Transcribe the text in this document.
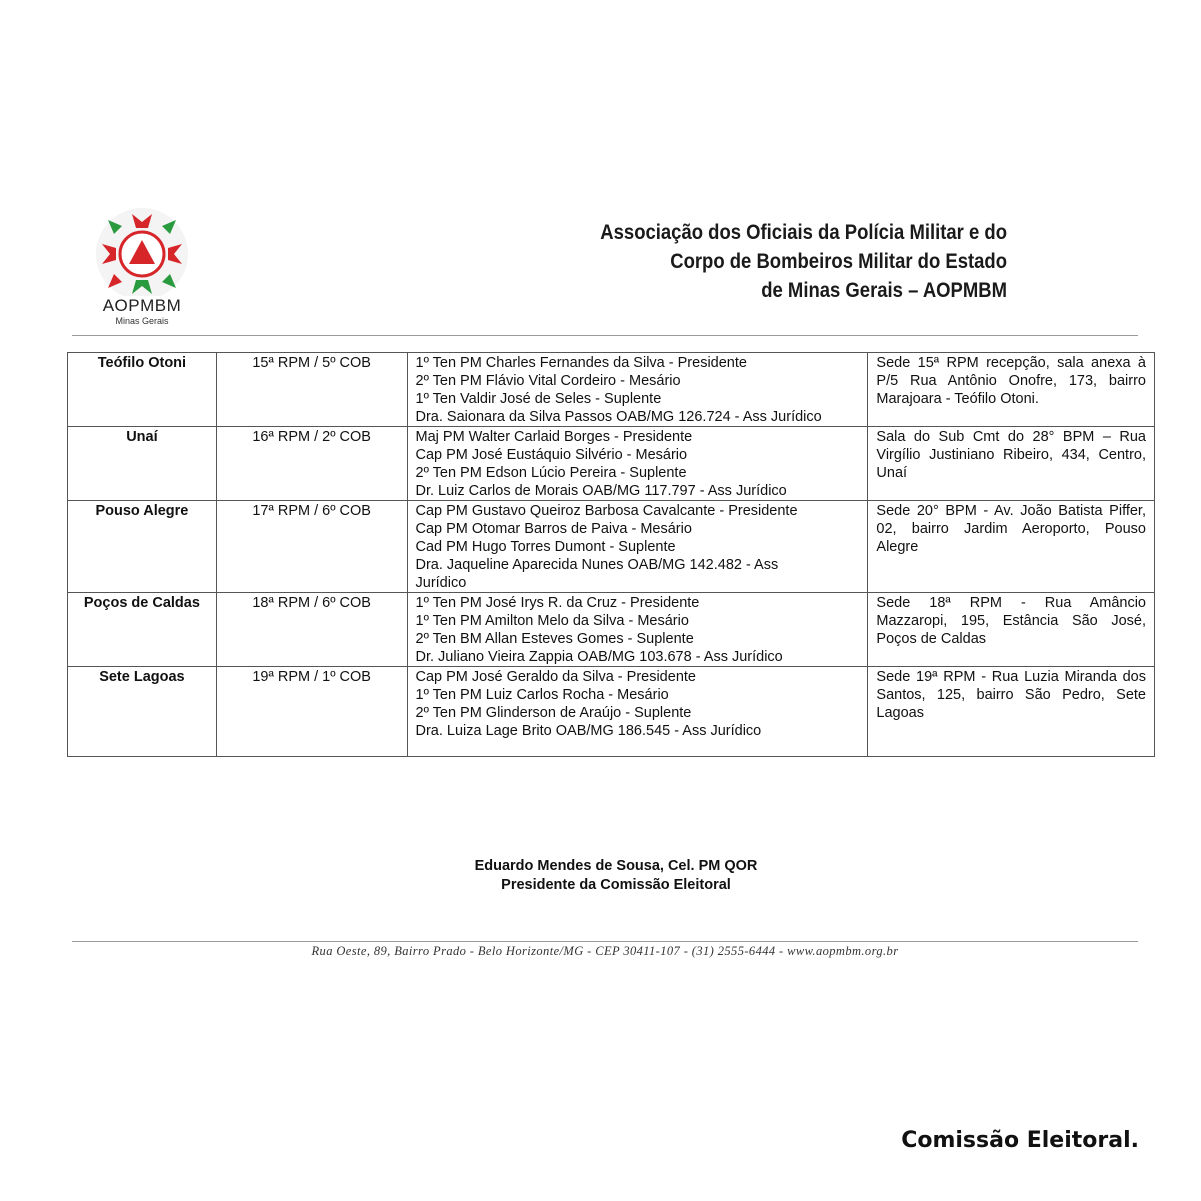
AOPMBM
Minas Gerais
Associação dos Oficiais da Polícia Militar e do
Corpo de Bombeiros Militar do Estado
de Minas Gerais – AOPMBM
Teófilo Otoni	15ª RPM / 5º COB	1º Ten PM Charles Fernandes da Silva - Presidente
2º Ten PM Flávio Vital Cordeiro - Mesário
1º Ten Valdir José de Seles - Suplente
Dra. Saionara da Silva Passos OAB/MG 126.724 - Ass Jurídico	Sede 15ª RPM recepção, sala anexa à P/5 Rua Antônio Onofre, 173, bairro Marajoara - Teófilo Otoni.
Unaí	16ª RPM / 2º COB	Maj PM Walter Carlaid Borges - Presidente
Cap PM José Eustáquio Silvério - Mesário
2º Ten PM Edson Lúcio Pereira - Suplente
Dr. Luiz Carlos de Morais OAB/MG 117.797 - Ass Jurídico	Sala do Sub Cmt do 28° BPM – Rua Virgílio Justiniano Ribeiro, 434, Centro, Unaí
Pouso Alegre	17ª RPM / 6º COB	Cap PM Gustavo Queiroz Barbosa Cavalcante - Presidente
Cap PM Otomar Barros de Paiva - Mesário
Cad PM Hugo Torres Dumont - Suplente
Dra. Jaqueline Aparecida Nunes OAB/MG 142.482 - Ass
Jurídico	Sede 20° BPM - Av. João Batista Piffer, 02, bairro Jardim Aeroporto, Pouso Alegre
Poços de Caldas	18ª RPM / 6º COB	1º Ten PM José Irys R. da Cruz - Presidente
1º Ten PM Amilton Melo da Silva - Mesário
2º Ten BM Allan Esteves Gomes - Suplente
Dr. Juliano Vieira Zappia OAB/MG 103.678 - Ass Jurídico	Sede 18ª RPM - Rua Amâncio Mazzaropi, 195, Estância São José, Poços de Caldas
Sete Lagoas	19ª RPM / 1º COB	Cap PM José Geraldo da Silva - Presidente
1º Ten PM Luiz Carlos Rocha - Mesário
2º Ten PM Glinderson de Araújo - Suplente
Dra. Luiza Lage Brito OAB/MG 186.545 - Ass Jurídico	Sede 19ª RPM - Rua Luzia Miranda dos Santos, 125, bairro São Pedro, Sete Lagoas
Eduardo Mendes de Sousa, Cel. PM QOR
Presidente da Comissão Eleitoral
Rua Oeste, 89, Bairro Prado - Belo Horizonte/MG - CEP 30411-107 - (31) 2555-6444 - www.aopmbm.org.br
Comissão Eleitoral.
